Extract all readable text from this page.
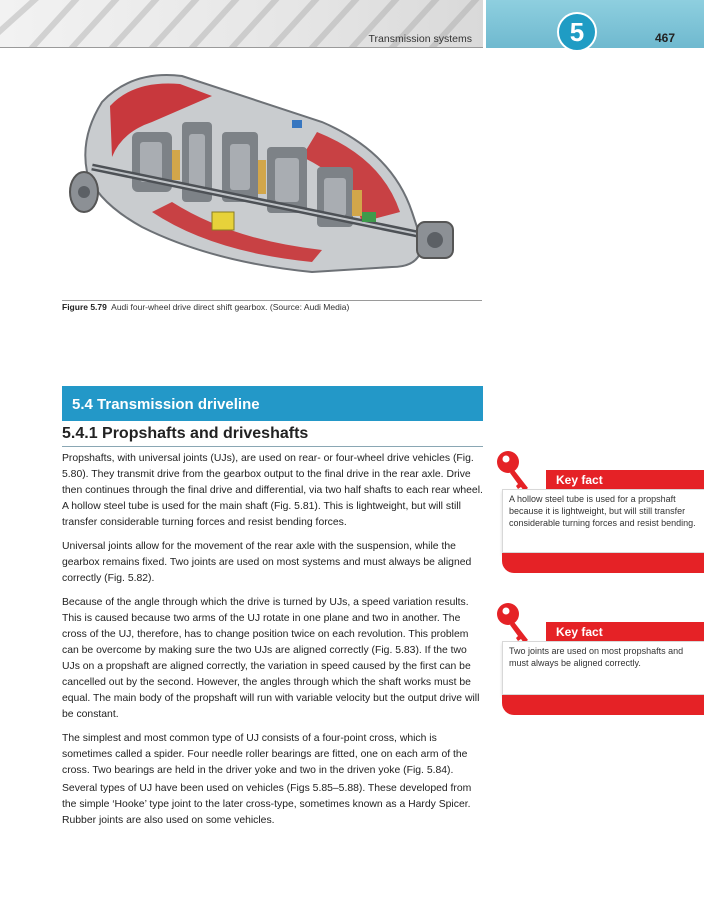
Transmission systems	5	467
Figure 5.79 Audi four-wheel drive direct shift gearbox. (Source: Audi Media)
5.4 Transmission driveline
5.4.1 Propshafts and driveshafts

Propshafts, with universal joints (UJs), are used on rear- or four-wheel drive vehicles (Fig. 5.80). They transmit drive from the gearbox output to the final drive in the rear axle. Drive then continues through the final drive and differential, via two half shafts to each rear wheel. A hollow steel tube is used for the main shaft (Fig. 5.81). This is lightweight, but will still transfer considerable turning forces and resist bending forces.

Universal joints allow for the movement of the rear axle with the suspension, while the gearbox remains fixed. Two joints are used on most systems and must always be aligned correctly (Fig. 5.82).

Because of the angle through which the drive is turned by UJs, a speed variation results. This is caused because two arms of the UJ rotate in one plane and two in another. The cross of the UJ, therefore, has to change position twice on each revolution. This problem can be overcome by making sure the two UJs are aligned correctly (Fig. 5.83). If the two UJs on a propshaft are aligned correctly, the variation in speed caused by the first can be cancelled out by the second. However, the angles through which the shaft works must be equal. The main body of the propshaft will run with variable velocity but the output drive will be constant.

The simplest and most common type of UJ consists of a four-point cross, which is sometimes called a spider. Four needle roller bearings are fitted, one on each arm of the cross. Two bearings are held in the driver yoke and two in the driven yoke (Fig. 5.84).

Several types of UJ have been used on vehicles (Figs 5.85–5.88). These developed from the simple ‘Hooke’ type joint to the later cross-type, sometimes known as a Hardy Spicer. Rubber joints are also used on some vehicles.

Key fact
A hollow steel tube is used for a propshaft because it is lightweight, but will still transfer considerable turning forces and resist bending.
Key fact
Two joints are used on most propshafts and must always be aligned correctly.
